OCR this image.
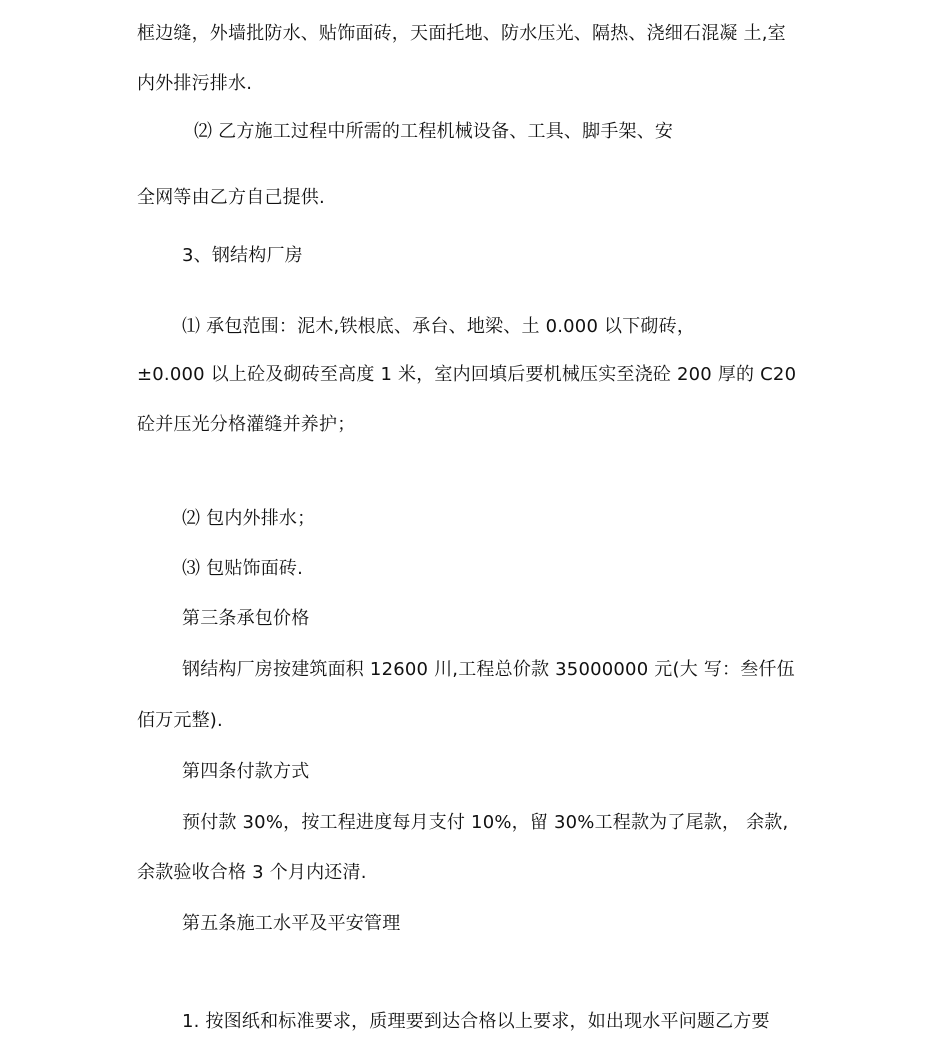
框边缝，外墙批防水、贴饰面砖，天面托地、防水压光、隔热、浇细石混凝 土,室
内外排污排水.
⑵ 乙方施工过程中所需的工程机械设备、工具、脚手架、安
全网等由乙方自己提供.
3、钢结构厂房
⑴ 承包范围：泥木,铁根底、承台、地梁、土 0.000 以下砌砖，
±0.000 以上砼及砌砖至高度 1 米，室内回填后要机械压实至浇砼 200 厚的 C20
砼并压光分格灌缝并养护；
⑵ 包内外排水；
⑶ 包贴饰面砖.
第三条承包价格
钢结构厂房按建筑面积 12600 川,工程总价款 35000000 元(大 写：叁仟伍
佰万元整).
第四条付款方式
预付款 30%，按工程进度每月支付 10%，留 30%工程款为了尾款， 余款,
余款验收合格 3 个月内还清.
第五条施工水平及平安管理
1. 按图纸和标准要求，质理要到达合格以上要求，如出现水平问题乙方要
